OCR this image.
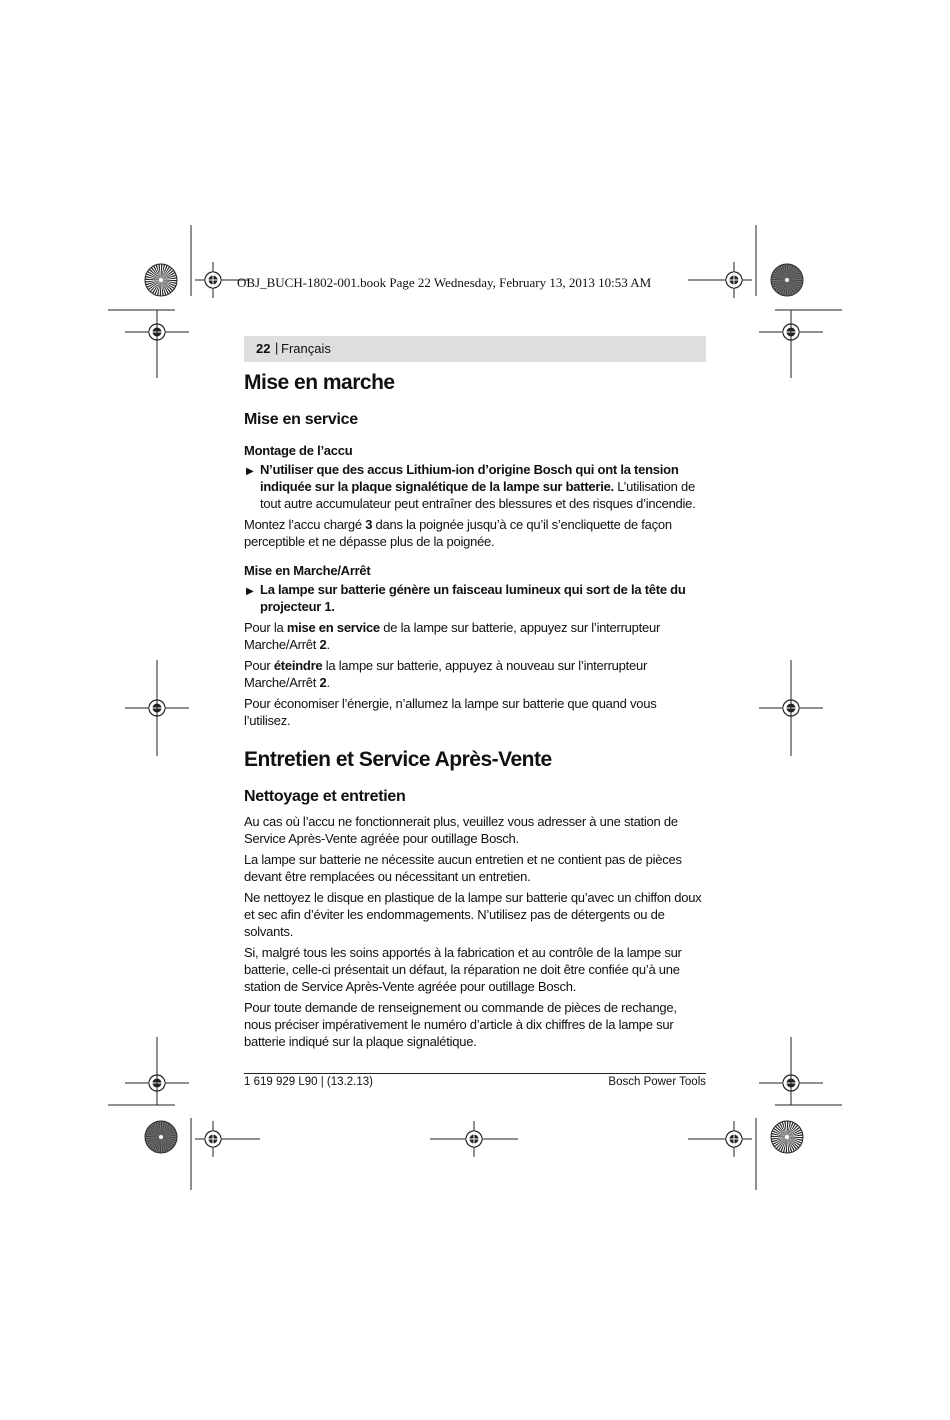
OBJ_BUCH-1802-001.book Page 22 Wednesday, February 13, 2013 10:53 AM
22 | Français
Mise en marche
Mise en service
Montage de l’accu
▶ N’utiliser que des accus Lithium-ion d’origine Bosch qui ont la tension indiquée sur la plaque signalétique de la lampe sur batterie. L’utilisation de tout autre accumulateur peut entraîner des blessures et des risques d’incendie.

Montez l’accu chargé 3 dans la poignée jusqu’à ce qu’il s’encliquette de façon perceptible et ne dépasse plus de la poignée.

Mise en Marche/Arrêt
▶ La lampe sur batterie génère un faisceau lumineux qui sort de la tête du projecteur 1.

Pour la mise en service de la lampe sur batterie, appuyez sur l’interrupteur Marche/Arrêt 2.

Pour éteindre la lampe sur batterie, appuyez à nouveau sur l’interrupteur Marche/Arrêt 2.

Pour économiser l’énergie, n’allumez la lampe sur batterie que quand vous l’utilisez.

Entretien et Service Après-Vente
Nettoyage et entretien

Au cas où l’accu ne fonctionnerait plus, veuillez vous adresser à une station de Service Après-Vente agréée pour outillage Bosch.

La lampe sur batterie ne nécessite aucun entretien et ne contient pas de pièces devant être remplacées ou nécessitant un entretien.

Ne nettoyez le disque en plastique de la lampe sur batterie qu’avec un chiffon doux et sec afin d’éviter les endommagements. N’utilisez pas de détergents ou de solvants.

Si, malgré tous les soins apportés à la fabrication et au contrôle de la lampe sur batterie, celle-ci présentait un défaut, la réparation ne doit être confiée qu’à une station de Service Après-Vente agréée pour outillage Bosch.

Pour toute demande de renseignement ou commande de pièces de rechange, nous préciser impérativement le numéro d’article à dix chiffres de la lampe sur batterie indiqué sur la plaque signalétique.

1 619 929 L90 | (13.2.13)	Bosch Power Tools
